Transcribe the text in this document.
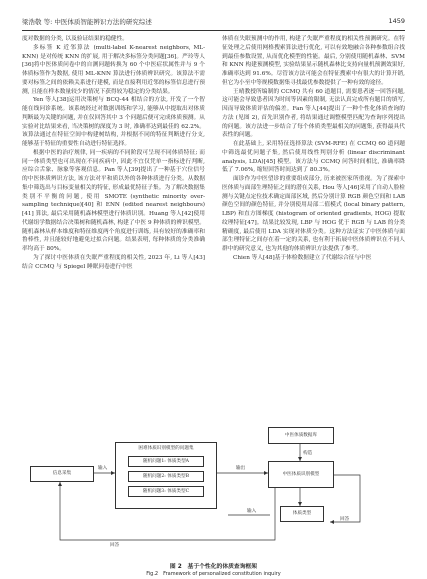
梁浩敬 等: 中医体质智能辨识方法的研究综述	1459

度对数据的分类, 以及验证结果的稳健性。

多标签 K 近邻算法 (multi-label K-nearest neighbors, ML-KNN) 是对传统 KNN 的扩展, 用于解决多标签分类问题[36]。严玲等人[36]将中医体质问卷中的自测问题转换为 60 个中医症状属性并与 9 个体质标签作为数据, 使用 ML-KNN 算法进行体质辨识研究。该算法不需要对标签之间的依赖关系进行建模, 而是直接利用近邻的标签信息进行预测, 且能在样本数量较少的情况下获得较为稳定的分类结果。

Yen 等人[38]运用决策树与 BCQ-44 相结合的方法, 开发了一个智能在线问诊系统。该系统经过对数据训练和学习, 能够从中提取出对体质判断最为关键的问题, 并在仅回答其中 3 个问题后便可完成体质预测。从实验对比结果来看, 当决策树的深度为 3 时, 准确率达到最佳的 62.2%。该算法通过在特征空间中构建树结构, 并根据不同的特征判断进行分支, 能够基于特征的重要性自动进行特征选择。

根据中医的治疗规律, 同一疾病的不同阶段可呈现不同体质特征; 而同一体质类型也可出现在不同疾病中, 因此不宜仅凭单一指标进行判断, 应综合舌象、脉象等客观信息。Pan 等人[39]提出了一种基于穴位信号的中医体质辨识方法, 该方法对平和质以外的各种体质进行分类。从数据集中筛选出与目标变量相关的特征, 形成最优特征子集。为了解决数据集类别不平衡的问题, 使用 SMOTE (synthetic minority over-sampling technique)[40] 和 ENN (edited nearest neighbours)[41] 算法, 最后采用随机森林模型进行体质识别。Huang 等人[42]使用代谢组学数据结合决策树和随机森林, 构建了中医 9 种体质的辨识模型。随机森林从样本维度和特征维度两个角度进行训练, 具有较好的准确率和鲁棒性, 并且能较好地避免过拟合问题。结果表明, 每种体质的分类准确率均高于 80%。

为了探讨中医体质在失眠严重程度的相关性, 2023 年, Li 等人[43]结合 CCMQ 与 Spiegel 睡眠问卷进行中医

体质在失眠预测中的作用, 构建了失眠严重程度的相关性预测研究。在特征处理之后使用网格搜索算法进行优化, 可以有效地融合各种参数组合找到最佳参数设置, 从而优化模型的性能。最后, 分别使用随机森林、SVM 和 KNN 构建预测模型, 实验结果显示随机森林比支持向量机预测效果好, 准确率达到 91.6%。尽管该方法可能会在特征搜索中有很大的计算开销, 但它为小至中等规模数据集寻找最优参数提供了一种有效的途径。

王晴教授所编制的 CCMQ 共有 60 道题目, 需要患者逐一回答问题, 这可能会导致患者因为时间等因素的限制, 无法认真完成所有题目的填写, 因而导致体质评估的偏差。Fan 等人[44]提出了一种个性化体质查询的方法 (见图 2), 首先识别作者, 将结果通过调整模型匹配为查询序列提出的问题。该方法进一步结合了每个体质类型最相关的问题集, 获得最具代表性的问题。

在此基础上, 采用特征选择算法 (SVM-RFE) 在 CCMQ 60 道问题中筛选最优问题子集, 然后使用线性判别分析 (linear discriminant analysis, LDA)[45] 模型。该方法与 CCMQ 问答时间相比, 准确率降低了 7.06%, 缩短回答时间达到了 80.3%。

面诊作为中医望诊的重要组成部分, 历来被医家所重视。为了探索中医体质与面部生理特征之间的潜在关系, Hou 等人[46]采用了自动人脸检测与关键点定位技术确定面部区域, 然后分别计算 RGB 颜色空间和 LAB 颜色空间的颜色特征, 并分别使用局部二值模式 (local binary pattern, LBP) 和直方图梯度 (histogram of oriented gradients, HOG) 提取纹理特征[47]。结果比较发现, LBP 与 HOG 优于 RGB 与 LAB 的分类精确度, 最后使用 LDA 实现对体质分类。这种方法证实了中医体质与面部生理特征之间存在着一定的关系, 也有利于拓展中医体质辨识在不同人群中的研究意义, 也为其他的体质辨识方法提供了参考。

Chien 等人[48]基于体检数据建立了代谢综合征与中医

信息采集
困难体质识别模型的问题集
随机问题1: 体质类型A
随机问题2: 体质类型B
随机问题3: 体质类型C
中医体质数据库
构造
中医体质识别模型
体质类型
输入	输出
输入
回答
回答
图 2　基于个性化的体质查询框架
Fig.2　Framework of personalized constitution inquiry
